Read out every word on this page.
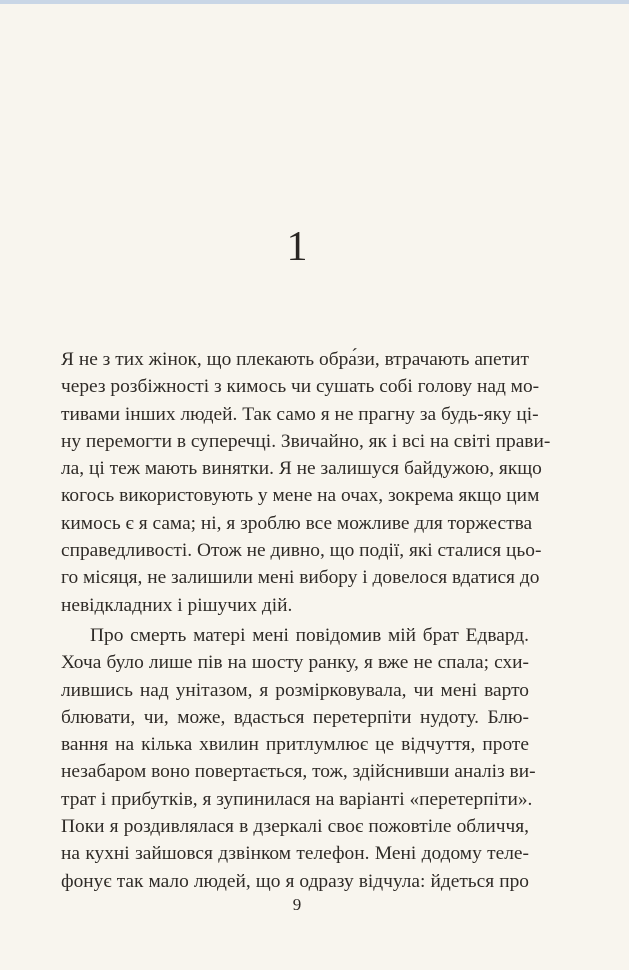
1
Я не з тих жінок, що плекають обра́зи, втрачають апетит
через розбіжності з кимось чи сушать собі голову над мо-
тивами інших людей. Так само я не прагну за будь-яку ці-
ну перемогти в суперечці. Звичайно, як і всі на світі прави-
ла, ці теж мають винятки. Я не залишуся байдужою, якщо
когось використовують у мене на очах, зокрема якщо цим
кимось є я сама; ні, я зроблю все можливе для торжества
справедливості. Отож не дивно, що події, які сталися цьо-
го місяця, не залишили мені вибору і довелося вдатися до
невідкладних і рішучих дій.
Про смерть матері мені повідомив мій брат Едвард.
Хоча було лише пів на шосту ранку, я вже не спала; схи-
лившись над унітазом, я розмірковувала, чи мені варто
блювати, чи, може, вдасться перетерпіти нудоту. Блю-
вання на кілька хвилин притлумлює це відчуття, проте
незабаром воно повертається, тож, здійснивши аналіз ви-
трат і прибутків, я зупинилася на варіанті «перетерпіти».
Поки я роздивлялася в дзеркалі своє пожовтіле обличчя,
на кухні зайшовся дзвінком телефон. Мені додому теле-
фонує так мало людей, що я одразу відчула: йдеться про
9
